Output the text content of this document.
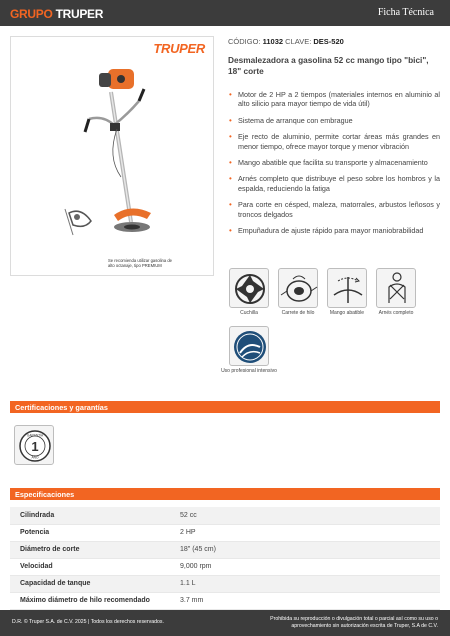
GRUPO TRUPER	Ficha Técnica
TRUPER
Se recomienda utilizar gasolina de alto octanaje, tipo PREMIUM
CÓDIGO: 11032 CLAVE: DES-520
Desmalezadora a gasolina 52 cc mango tipo "bici", 18" corte
• Motor de 2 HP a 2 tiempos (materiales internos en aluminio al alto silicio para mayor tiempo de vida útil)
• Sistema de arranque con embrague
• Eje recto de aluminio, permite cortar áreas más grandes en menor tiempo, ofrece mayor torque y menor vibración
• Mango abatible que facilita su transporte y almacenamiento
• Arnés completo que distribuye el peso sobre los hombros y la espalda, reduciendo la fatiga
• Para corte en césped, maleza, matorrales, arbustos leñosos y troncos delgados
• Empuñadura de ajuste rápido para mayor maniobrabilidad
Cuchilla	Carrete de hilo	Mango abatible	Arnés completo
Uso profesional intensivo
Certificaciones y garantías
GARANTÍA
1
AÑO
Especificaciones
Cilindrada	52 cc
Potencia	2 HP
Diámetro de corte	18" (45 cm)
Velocidad	9,000 rpm
Capacidad de tanque	1.1 L
Máximo diámetro de hilo recomendado	3.7 mm
D.R. © Truper S.A. de C.V. 2025 | Todos los derechos reservados.	Prohibida su reproducción o divulgación total o parcial así como su uso o aprovechamiento sin autorización escrita de Truper, S.A de C.V.
